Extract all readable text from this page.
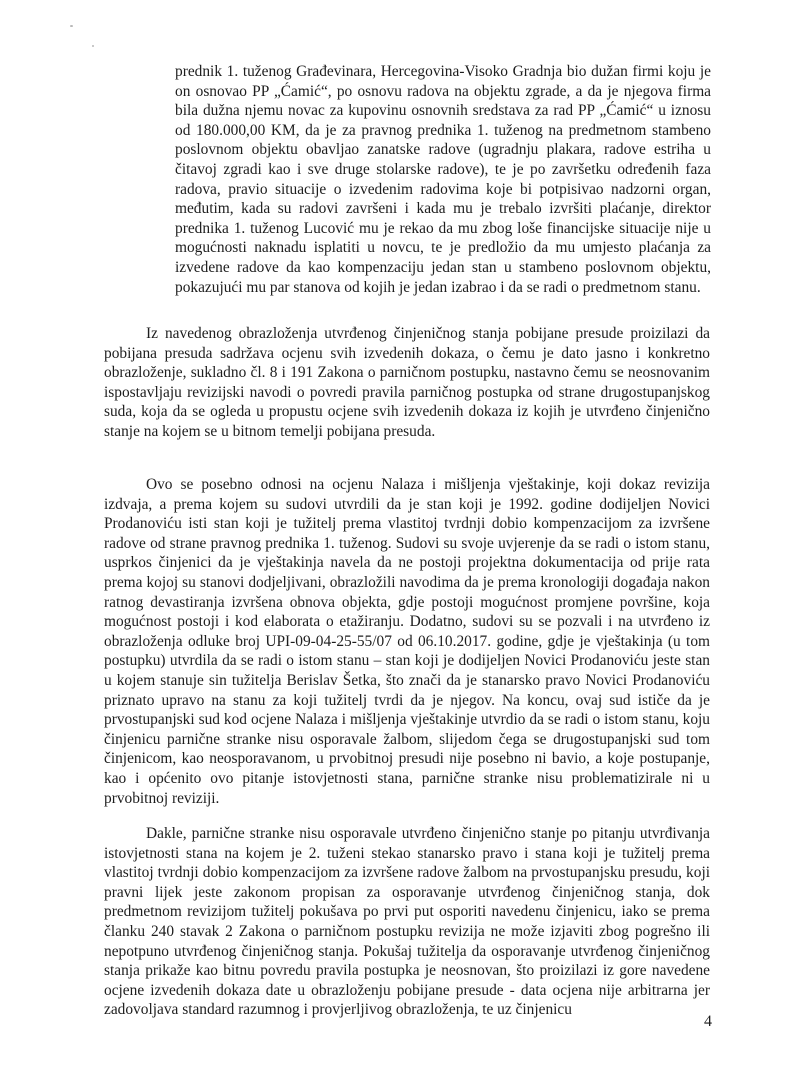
prednik 1. tuženog Građevinara, Hercegovina-Visoko Gradnja bio dužan firmi koju je on osnovao PP „Ćamić“, po osnovu radova na objektu zgrade, a da je njegova firma bila dužna njemu novac za kupovinu osnovnih sredstava za rad PP „Ćamić“ u iznosu od 180.000,00 KM, da je za pravnog prednika 1. tuženog na predmetnom stambeno poslovnom objektu obavljao zanatske radove (ugradnju plakara, radove estriha u čitavoj zgradi kao i sve druge stolarske radove), te je po završetku određenih faza radova, pravio situacije o izvedenim radovima koje bi potpisivao nadzorni organ, međutim, kada su radovi završeni i kada mu je trebalo izvršiti plaćanje, direktor prednika 1. tuženog Lucović mu je rekao da mu zbog loše financijske situacije nije u mogućnosti naknadu isplatiti u novcu, te je predložio da mu umjesto plaćanja za izvedene radove da kao kompenzaciju jedan stan u stambeno poslovnom objektu, pokazujući mu par stanova od kojih je jedan izabrao i da se radi o predmetnom stanu.

Iz navedenog obrazloženja utvrđenog činjeničnog stanja pobijane presude proizilazi da pobijana presuda sadržava ocjenu svih izvedenih dokaza, o čemu je dato jasno i konkretno obrazloženje, sukladno čl. 8 i 191 Zakona o parničnom postupku, nastavno čemu se neosnovanim ispostavljaju revizijski navodi o povredi pravila parničnog postupka od strane drugostupanjskog suda, koja da se ogleda u propustu ocjene svih izvedenih dokaza iz kojih je utvrđeno činjenično stanje na kojem se u bitnom temelji pobijana presuda.

Ovo se posebno odnosi na ocjenu Nalaza i mišljenja vještakinje, koji dokaz revizija izdvaja, a prema kojem su sudovi utvrdili da je stan koji je 1992. godine dodijeljen Novici Prodanoviću isti stan koji je tužitelj prema vlastitoj tvrdnji dobio kompenzacijom za izvršene radove od strane pravnog prednika 1. tuženog. Sudovi su svoje uvjerenje da se radi o istom stanu, usprkos činjenici da je vještakinja navela da ne postoji projektna dokumentacija od prije rata prema kojoj su stanovi dodjeljivani, obrazložili navodima da je prema kronologiji događaja nakon ratnog devastiranja izvršena obnova objekta, gdje postoji mogućnost promjene površine, koja mogućnost postoji i kod elaborata o etažiranju. Dodatno, sudovi su se pozvali i na utvrđeno iz obrazloženja odluke broj UPI-09-04-25-55/07 od 06.10.2017. godine, gdje je vještakinja (u tom postupku) utvrdila da se radi o istom stanu – stan koji je dodijeljen Novici Prodanoviću jeste stan u kojem stanuje sin tužitelja Berislav Šetka, što znači da je stanarsko pravo Novici Prodanoviću priznato upravo na stanu za koji tužitelj tvrdi da je njegov. Na koncu, ovaj sud ističe da je prvostupanjski sud kod ocjene Nalaza i mišljenja vještakinje utvrdio da se radi o istom stanu, koju činjenicu parnične stranke nisu osporavale žalbom, slijedom čega se drugostupanjski sud tom činjenicom, kao neosporavanom, u prvobitnoj presudi nije posebno ni bavio, a koje postupanje, kao i općenito ovo pitanje istovjetnosti stana, parnične stranke nisu problematizirale ni u prvobitnoj reviziji.

Dakle, parnične stranke nisu osporavale utvrđeno činjenično stanje po pitanju utvrđivanja istovjetnosti stana na kojem je 2. tuženi stekao stanarsko pravo i stana koji je tužitelj prema vlastitoj tvrdnji dobio kompenzacijom za izvršene radove žalbom na prvostupanjsku presudu, koji pravni lijek jeste zakonom propisan za osporavanje utvrđenog činjeničnog stanja, dok predmetnom revizijom tužitelj pokušava po prvi put osporiti navedenu činjenicu, iako se prema članku 240 stavak 2 Zakona o parničnom postupku revizija ne može izjaviti zbog pogrešno ili nepotpuno utvrđenog činjeničnog stanja. Pokušaj tužitelja da osporavanje utvrđenog činjeničnog stanja prikaže kao bitnu povredu pravila postupka je neosnovan, što proizilazi iz gore navedene ocjene izvedenih dokaza date u obrazloženju pobijane presude - data ocjena nije arbitrarna jer zadovoljava standard razumnog i provjerljivog obrazloženja, te uz činjenicu

4
